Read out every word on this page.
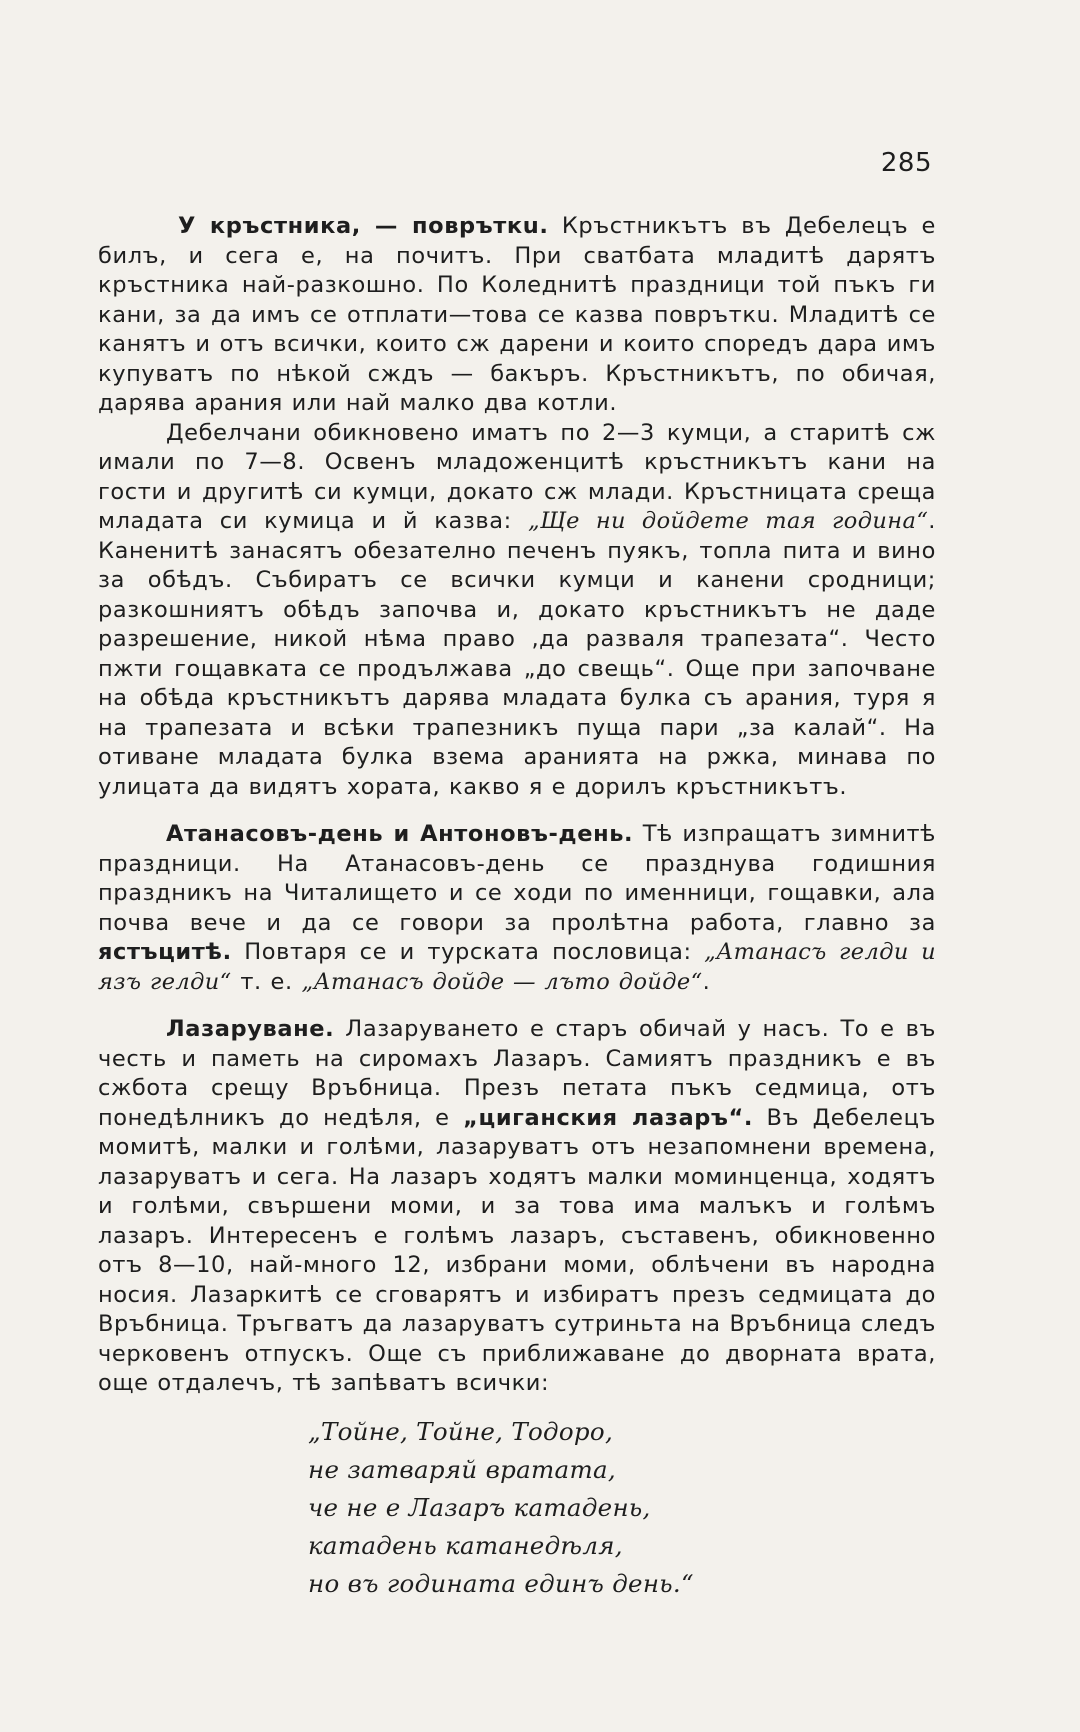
285

У кръстника, — повръткu. Кръстникътъ въ Дебелецъ е билъ, и сега е, на почитъ. При сватбата младитѣ дарятъ кръстника най-разкошно. По Коледнитѣ праздници той пъкъ ги кани, за да имъ се отплати—това се казва повръткu. Младитѣ се канятъ и отъ всички, които сж дарени и които споредъ дара имъ купуватъ по нѣкой сждъ — бакъръ. Кръстникътъ, по обичая, дарява арания или най малко два котли.

Дебелчани обикновено иматъ по 2—3 кумци, а старитѣ сж имали по 7—8. Освенъ младоженцитѣ кръстникътъ кани на гости и другитѣ си кумци, докато сж млади. Кръстницата среща младата си кумица и й казва: „Ще ни дойдете тая година“. Каненитѣ занасятъ обезателно печенъ пуякъ, топла пита и вино за обѣдъ. Събиратъ се всички кумци и канени сродници; разкошниятъ обѣдъ започва и, докато кръстникътъ не даде разрешение, никой нѣма право ‚да разваля трапезата“. Често пжти гощавката се продължава „до свещь“. Още при започване на обѣда кръстникътъ дарява младата булка съ арания, туря я на трапезата и всѣки трапезникъ пуща пари „за калай“. На отиване младата булка взема аранията на ржка, минава по улицата да видятъ хората, какво я е дорилъ кръстникътъ.

Атанасовъ-день и Антоновъ-день. Тѣ изпращатъ зимнитѣ праздници. На Атанасовъ-день се празднува годишния праздникъ на Читалището и се ходи по именници, гощавки, ала почва вече и да се говори за пролѣтна работа, главно за ястъцитѣ. Повтаря се и турската пословица: „Атанасъ гелди и язъ гелди“ т. е. „Атанасъ дойде — лъто дойде“.

Лазаруване. Лазаруването е старъ обичай у насъ. То е въ честь и паметь на сиромахъ Лазаръ. Самиятъ праздникъ е въ сжбота срещу Връбница. Презъ петата пъкъ седмица, отъ понедѣлникъ до недѣля, е „циганския лазаръ“. Въ Дебелецъ момитѣ, малки и голѣми, лазаруватъ отъ незапомнени времена, лазаруватъ и сега. На лазаръ ходятъ малки моминценца, ходятъ и голѣми, свършени моми, и за това има малъкъ и голѣмъ лазаръ. Интересенъ е голѣмъ лазаръ, съставенъ, обикновенно отъ 8—10, най-много 12, избрани моми, облѣчени въ народна носия. Лазаркитѣ се сговарятъ и избиратъ презъ седмицата до Връбница. Тръгватъ да лазаруватъ сутриньта на Връбница следъ черковенъ отпускъ. Още съ приближаване до дворната врата, още отдалечъ, тѣ запѣватъ всички:

„Тойне, Тойне, Тодоро,
не затваряй вратата,
че не е Лазаръ катадень,
катадень катанедѣля,
но въ годината единъ день.“
